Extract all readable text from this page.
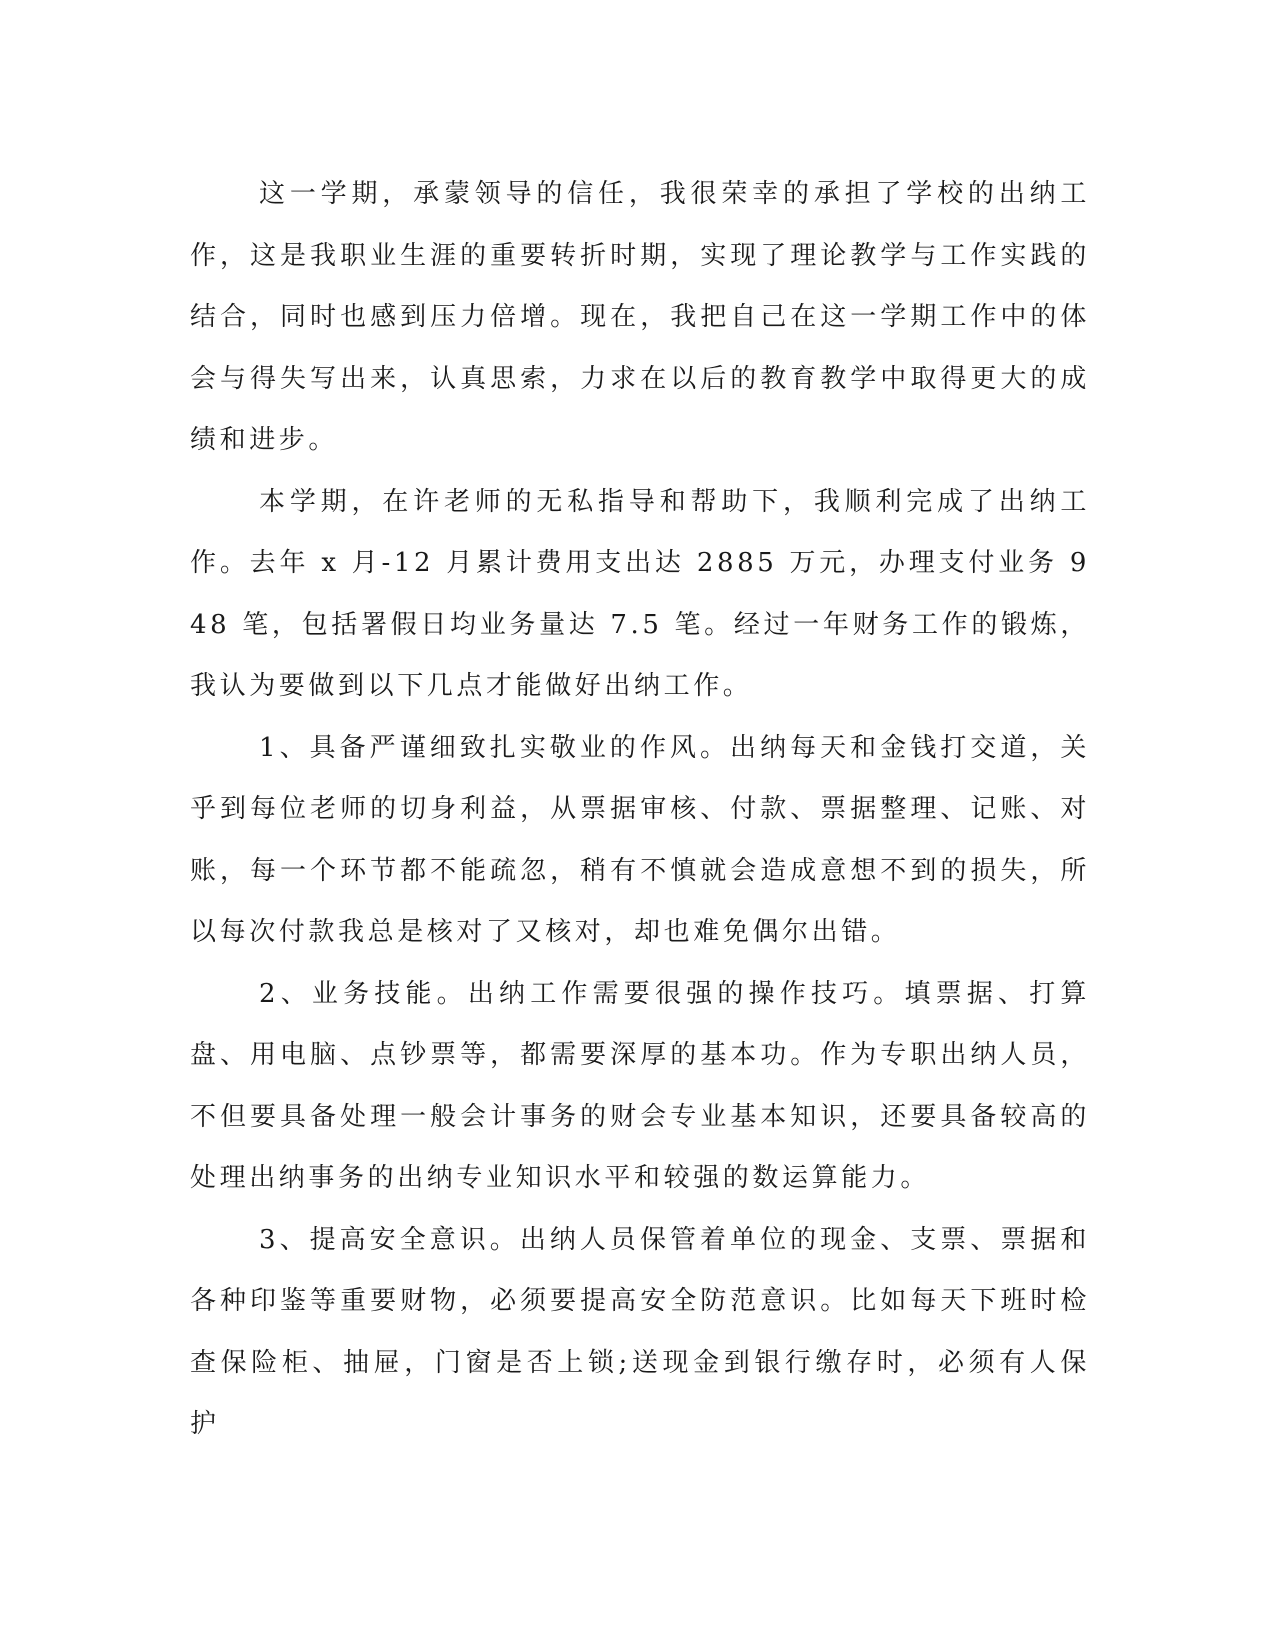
这一学期，承蒙领导的信任，我很荣幸的承担了学校的出纳工作，这是我职业生涯的重要转折时期，实现了理论教学与工作实践的结合，同时也感到压力倍增。现在，我把自己在这一学期工作中的体会与得失写出来，认真思索，力求在以后的教育教学中取得更大的成绩和进步。

本学期，在许老师的无私指导和帮助下，我顺利完成了出纳工作。去年 x 月-12 月累计费用支出达 2885 万元，办理支付业务 948 笔，包括署假日均业务量达 7.5 笔。经过一年财务工作的锻炼，我认为要做到以下几点才能做好出纳工作。

1、具备严谨细致扎实敬业的作风。出纳每天和金钱打交道，关乎到每位老师的切身利益，从票据审核、付款、票据整理、记账、对账，每一个环节都不能疏忽，稍有不慎就会造成意想不到的损失，所以每次付款我总是核对了又核对，却也难免偶尔出错。

2、业务技能。出纳工作需要很强的操作技巧。填票据、打算盘、用电脑、点钞票等，都需要深厚的基本功。作为专职出纳人员，不但要具备处理一般会计事务的财会专业基本知识，还要具备较高的处理出纳事务的出纳专业知识水平和较强的数运算能力。

3、提高安全意识。出纳人员保管着单位的现金、支票、票据和各种印鉴等重要财物，必须要提高安全防范意识。比如每天下班时检查保险柜、抽屉，门窗是否上锁;送现金到银行缴存时，必须有人保护
